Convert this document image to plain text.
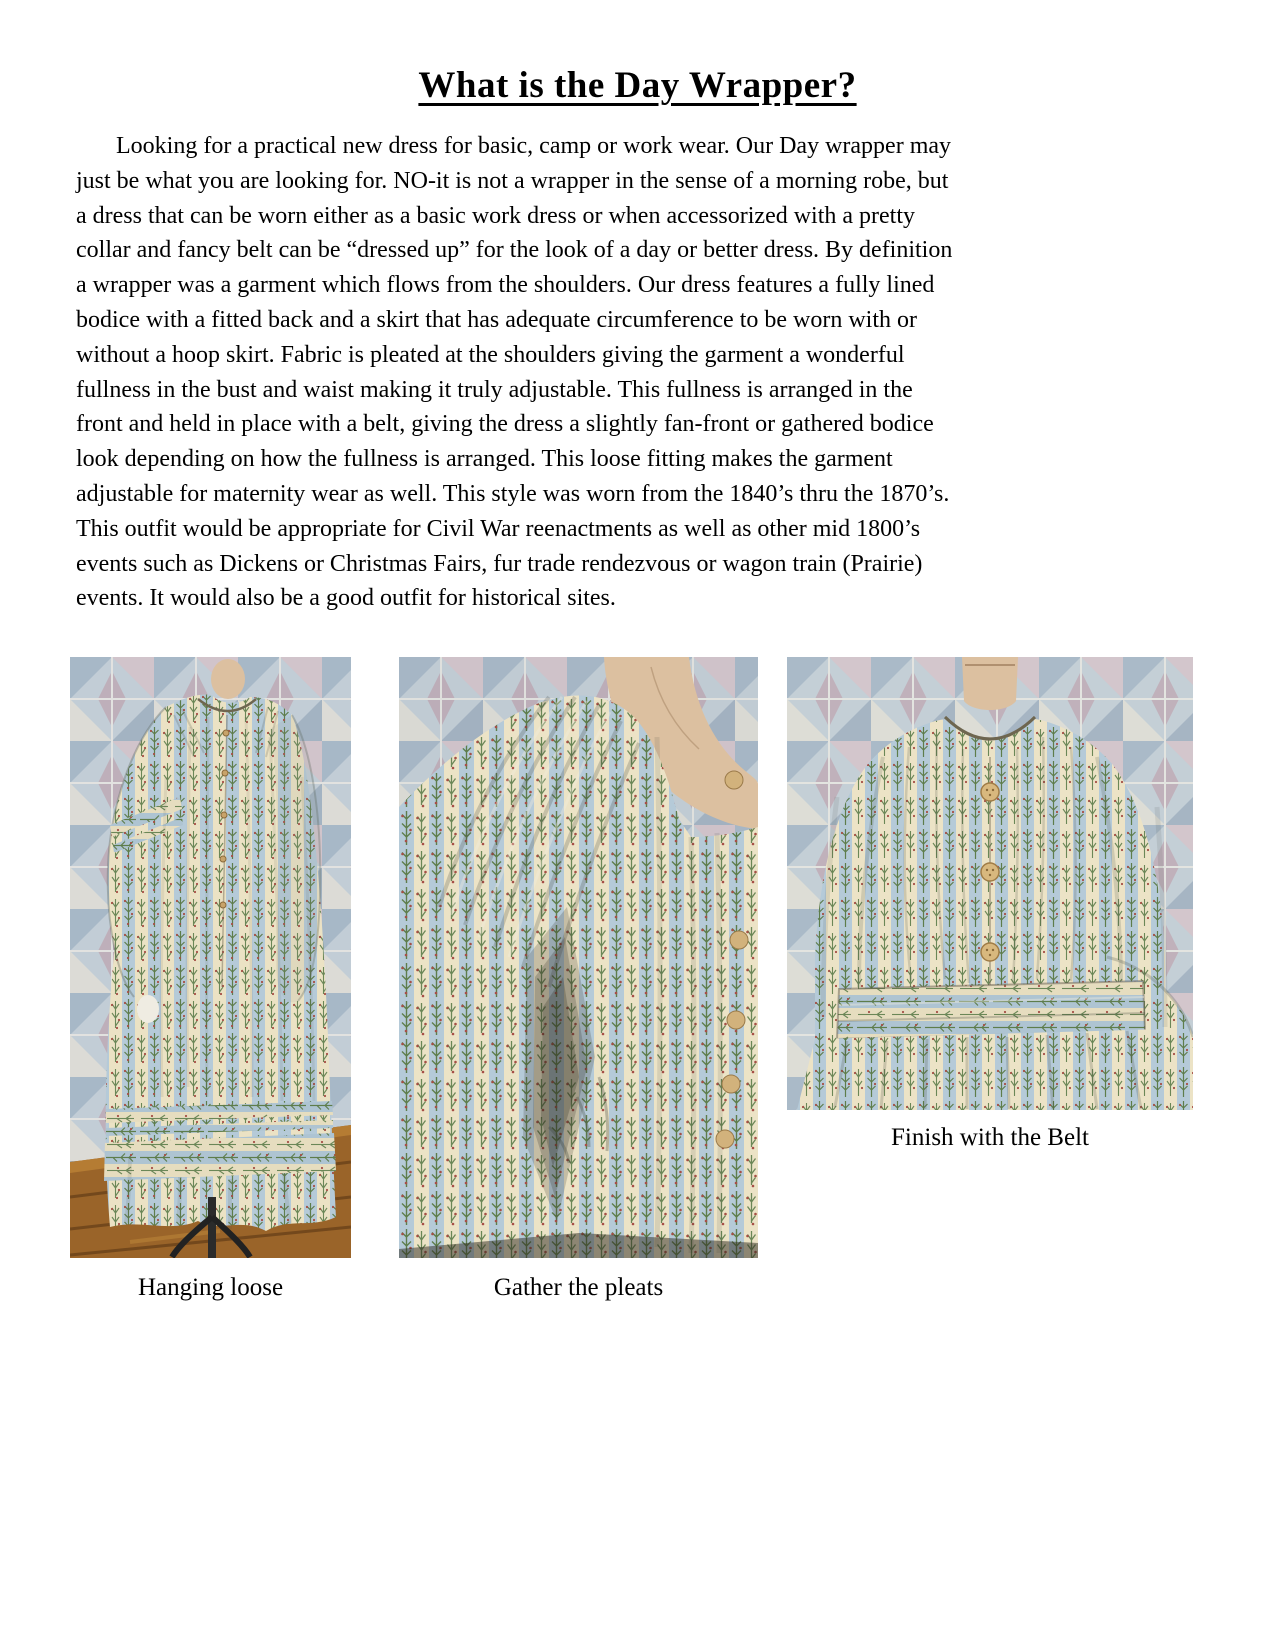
What is the Day Wrapper?
Looking for a practical new dress for basic, camp or work wear. Our Day wrapper may
just be what you are looking for. NO-it is not a wrapper in the sense of a morning robe, but
a dress that can be worn either as a basic work dress or when accessorized with a pretty
collar and fancy belt can be “dressed up” for the look of a day or better dress. By definition
a wrapper was a garment which flows from the shoulders. Our dress features a fully lined
bodice with a fitted back and a skirt that has adequate circumference to be worn with or
without a hoop skirt. Fabric is pleated at the shoulders giving the garment a wonderful
fullness in the bust and waist making it truly adjustable. This fullness is arranged in the
front and held in place with a belt, giving the dress a slightly fan-front or gathered bodice
look depending on how the fullness is arranged. This loose fitting makes the garment
adjustable for maternity wear as well. This style was worn from the 1840’s thru the 1870’s.
This outfit would be appropriate for Civil War reenactments as well as other mid 1800’s
events such as Dickens or Christmas Fairs, fur trade rendezvous or wagon train (Prairie)
events. It would also be a good outfit for historical sites.
Finish with the Belt
Hanging loose	Gather the pleats
